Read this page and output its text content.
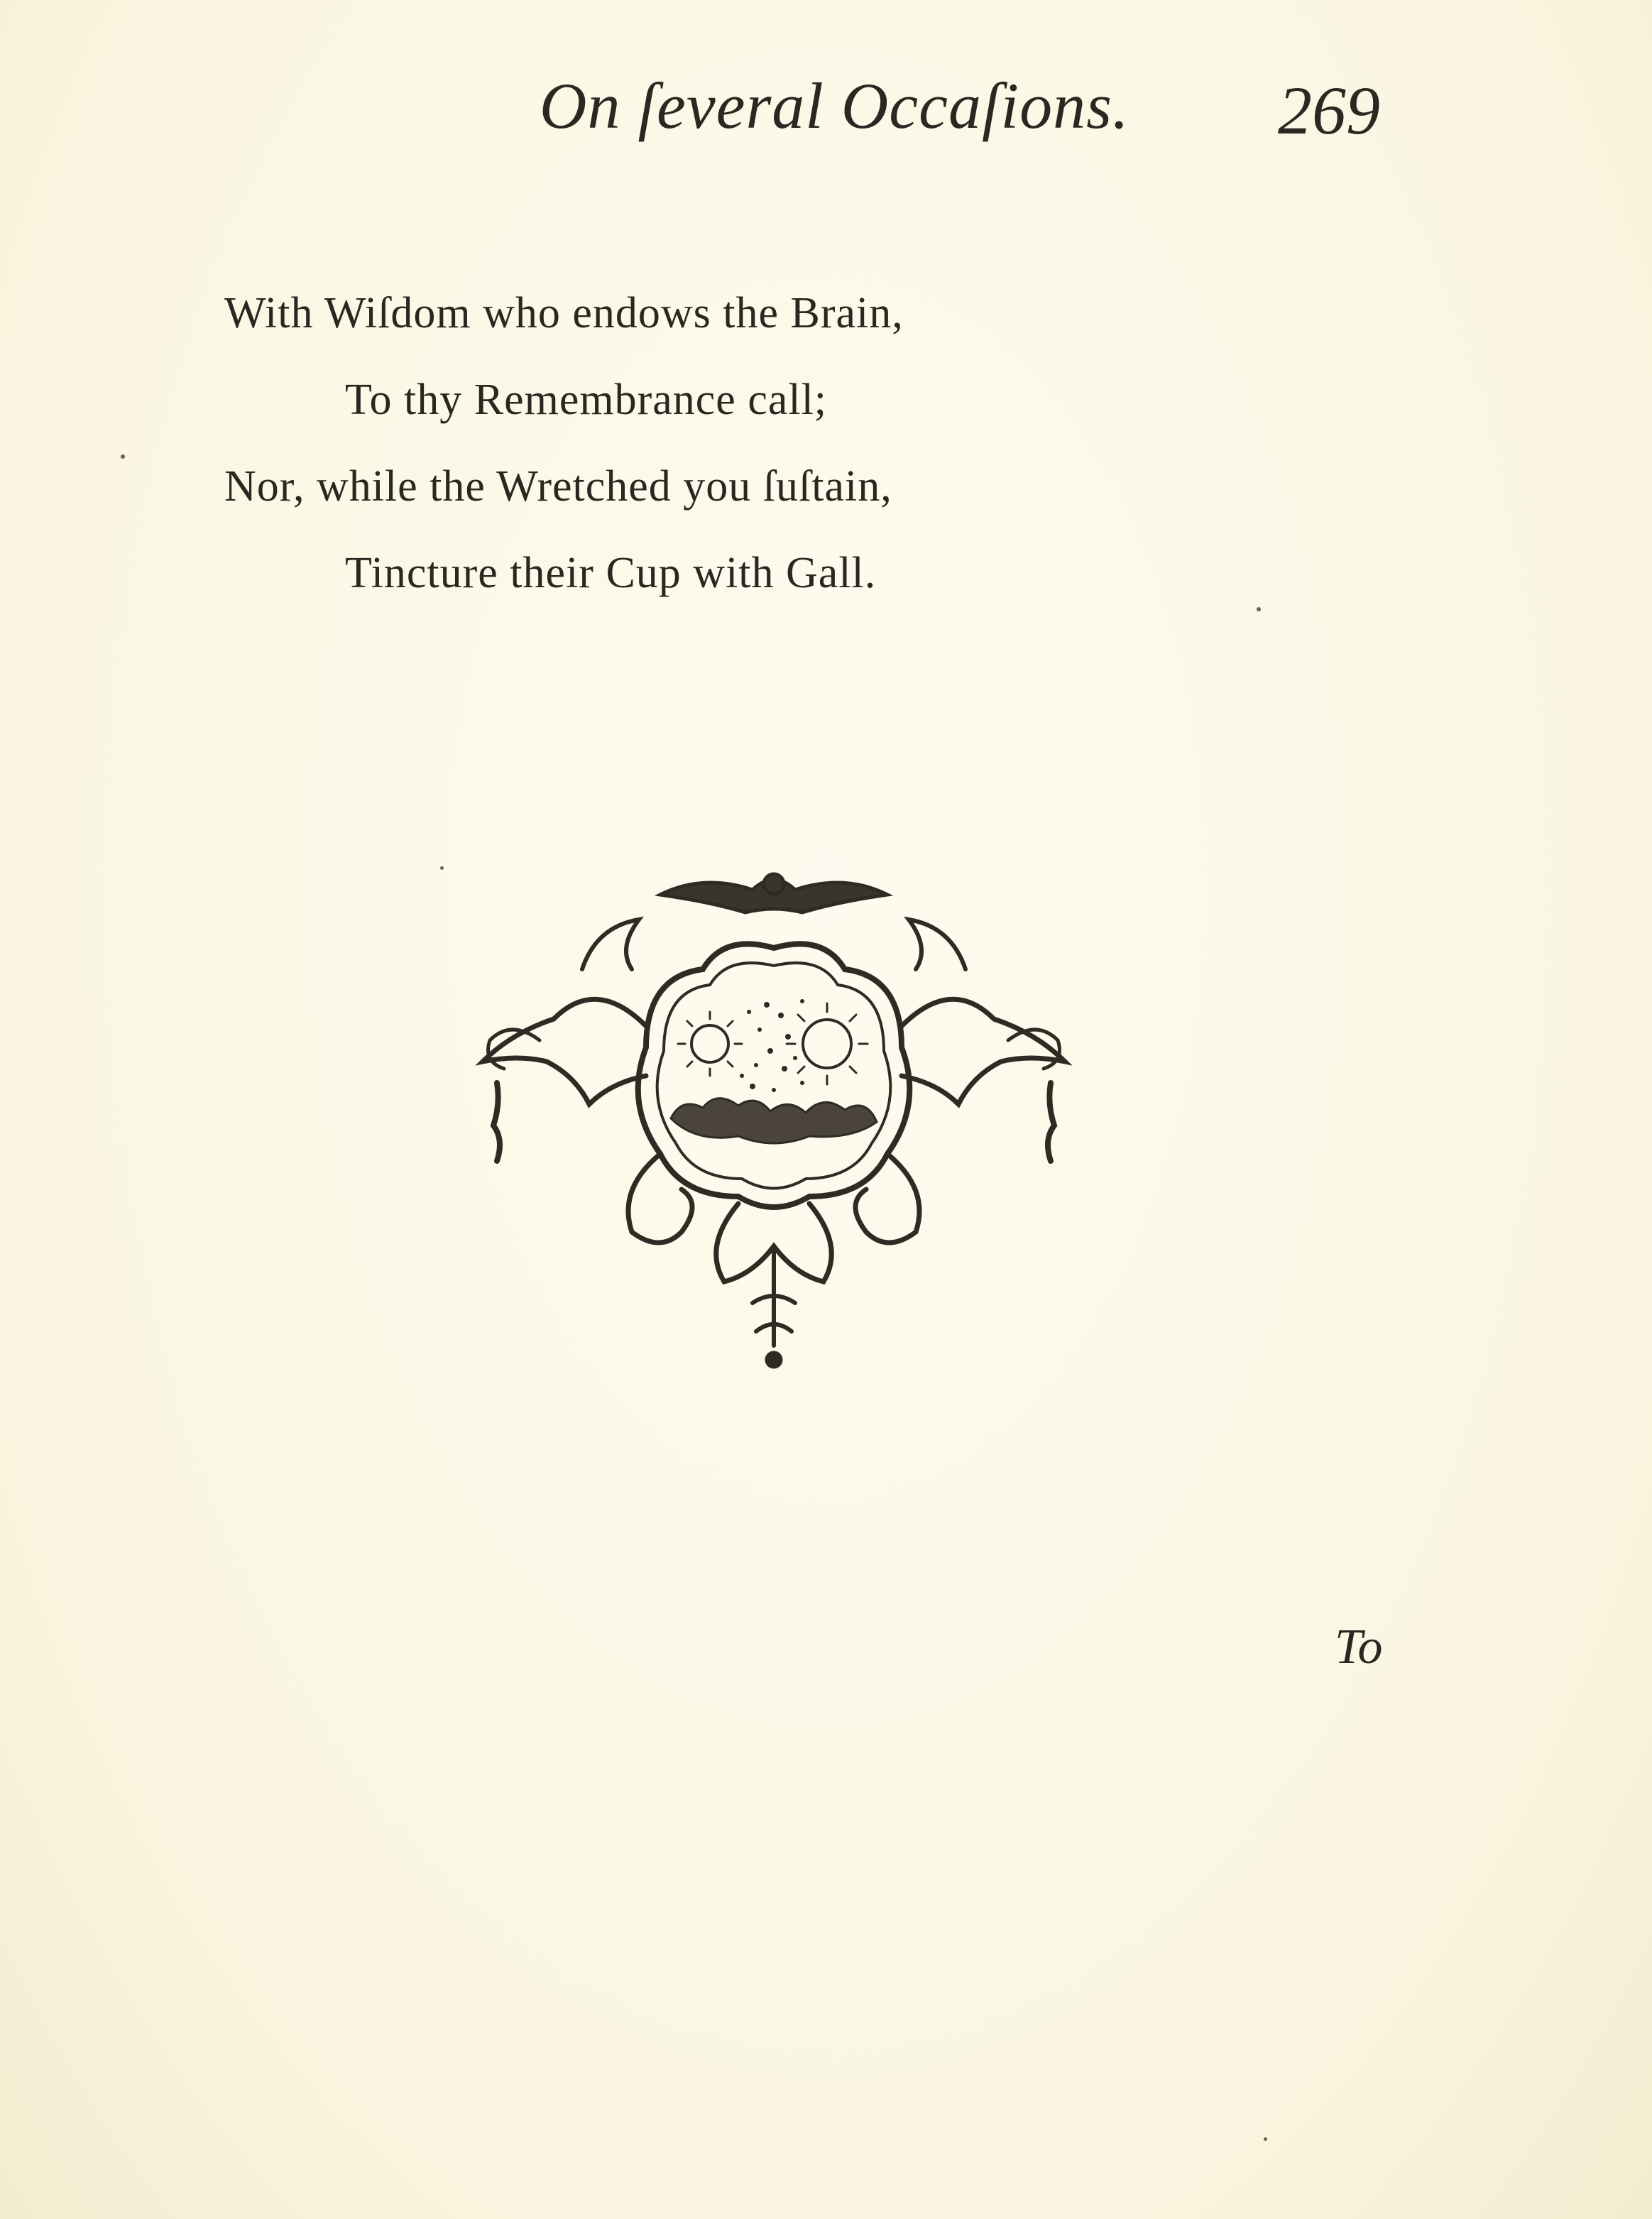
On ſeveral Occaſions. 269
With Wiſdom who endows the Brain,
To thy Remembrance call;
Nor, while the Wretched you ſuſtain,
Tincture their Cup with Gall.
To
